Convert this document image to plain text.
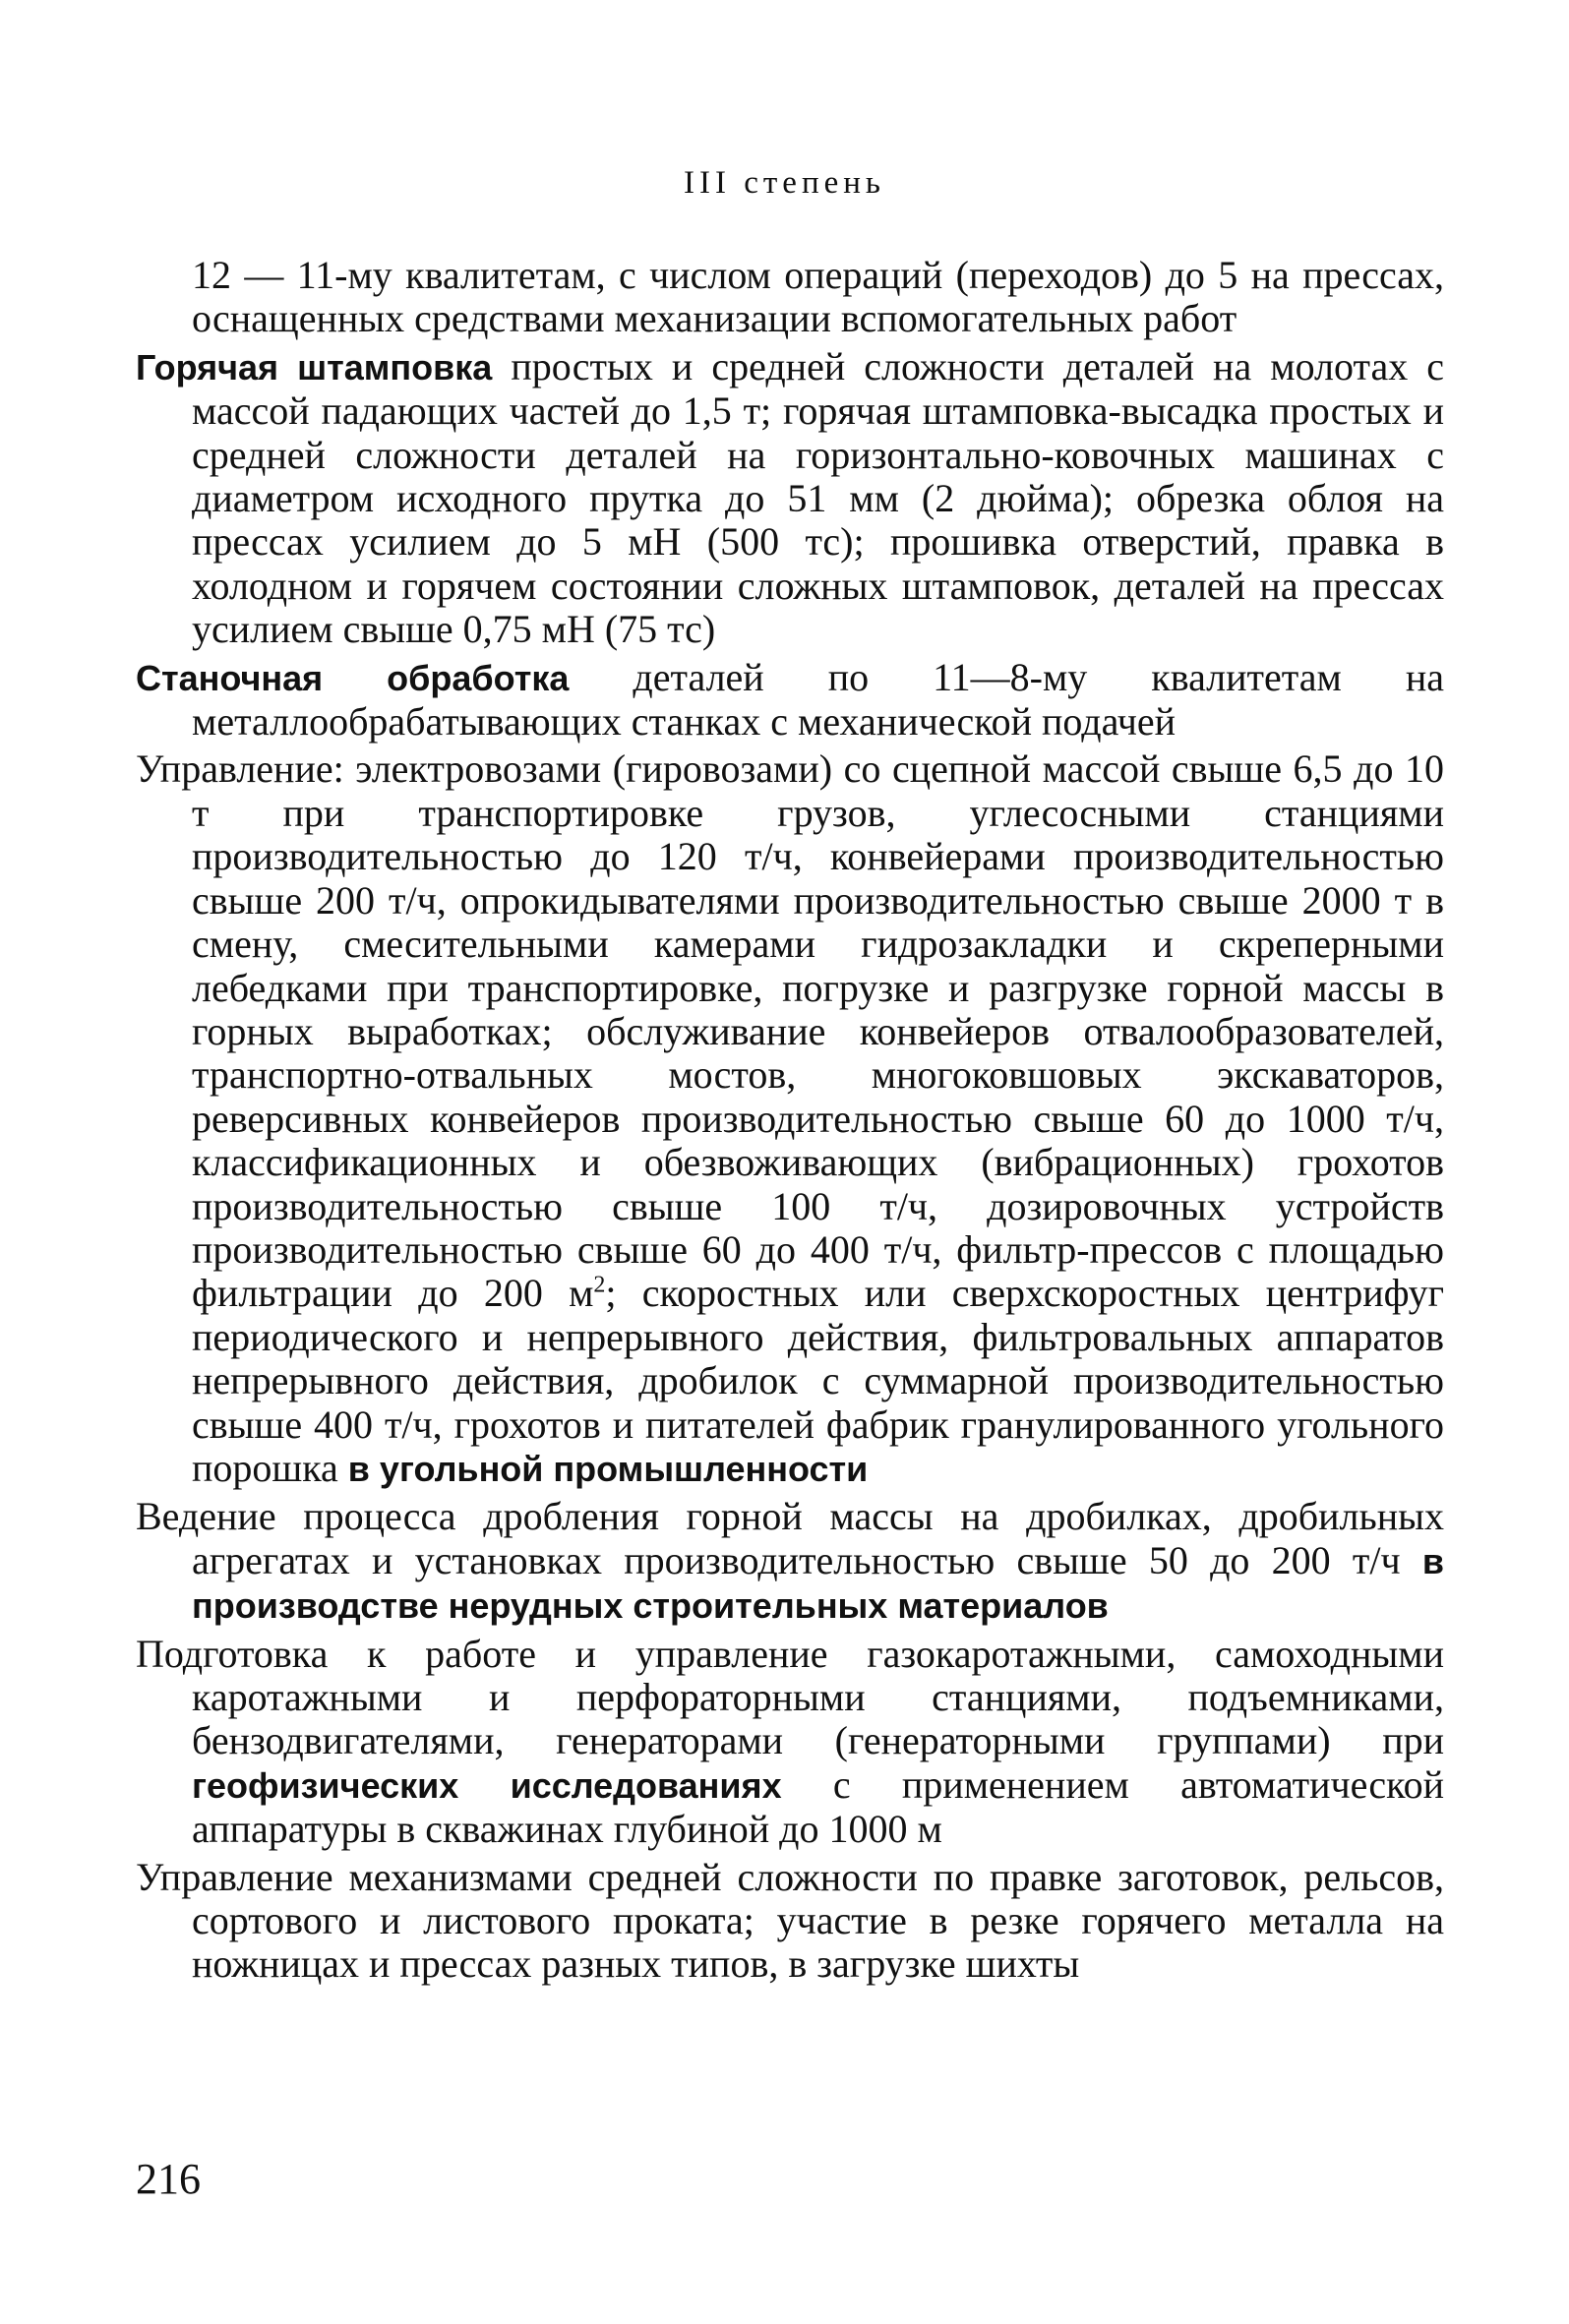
III степень

12 — 11-му квалитетам, с числом операций (переходов) до 5 на прессах, оснащенных средствами механизации вспомогательных работ

Горячая штамповка простых и средней сложности деталей на молотах с массой падающих частей до 1,5 т; горячая штамповка-высадка простых и средней сложности деталей на горизонтально-ковочных машинах с диаметром исходного прутка до 51 мм (2 дюйма); обрезка облоя на прессах усилием до 5 мН (500 тс); прошивка отверстий, правка в холодном и горячем состоянии сложных штамповок, деталей на прессах усилием свыше 0,75 мН (75 тс)

Станочная обработка деталей по 11—8-му квалитетам на металлообрабатывающих станках с механической подачей

Управление: электровозами (гировозами) со сцепной массой свыше 6,5 до 10 т при транспортировке грузов, углесосными станциями производительностью до 120 т/ч, конвейерами производительностью свыше 200 т/ч, опрокидывателями производительностью свыше 2000 т в смену, смесительными камерами гидрозакладки и скреперными лебедками при транспортировке, погрузке и разгрузке горной массы в горных выработках; обслуживание конвейеров отвалообразователей, транспортно-отвальных мостов, многоковшовых экскаваторов, реверсивных конвейеров производительностью свыше 60 до 1000 т/ч, классификационных и обезвоживающих (вибрационных) грохотов производительностью свыше 100 т/ч, дозировочных устройств производительностью свыше 60 до 400 т/ч, фильтр-прессов с площадью фильтрации до 200 $м^2$; скоростных или сверхскоростных центрифуг периодического и непрерывного действия, фильтровальных аппаратов непрерывного действия, дробилок с суммарной производительностью свыше 400 т/ч, грохотов и питателей фабрик гранулированного угольного порошка в угольной промышленности

Ведение процесса дробления горной массы на дробилках, дробильных агрегатах и установках производительностью свыше 50 до 200 т/ч в производстве нерудных строительных материалов

Подготовка к работе и управление газокаротажными, самоходными каротажными и перфораторными станциями, подъемниками, бензодвигателями, генераторами (генераторными группами) при геофизических исследованиях с применением автоматической аппаратуры в скважинах глубиной до 1000 м

Управление механизмами средней сложности по правке заготовок, рельсов, сортового и листового проката; участие в резке горячего металла на ножницах и прессах разных типов, в загрузке шихты

216
